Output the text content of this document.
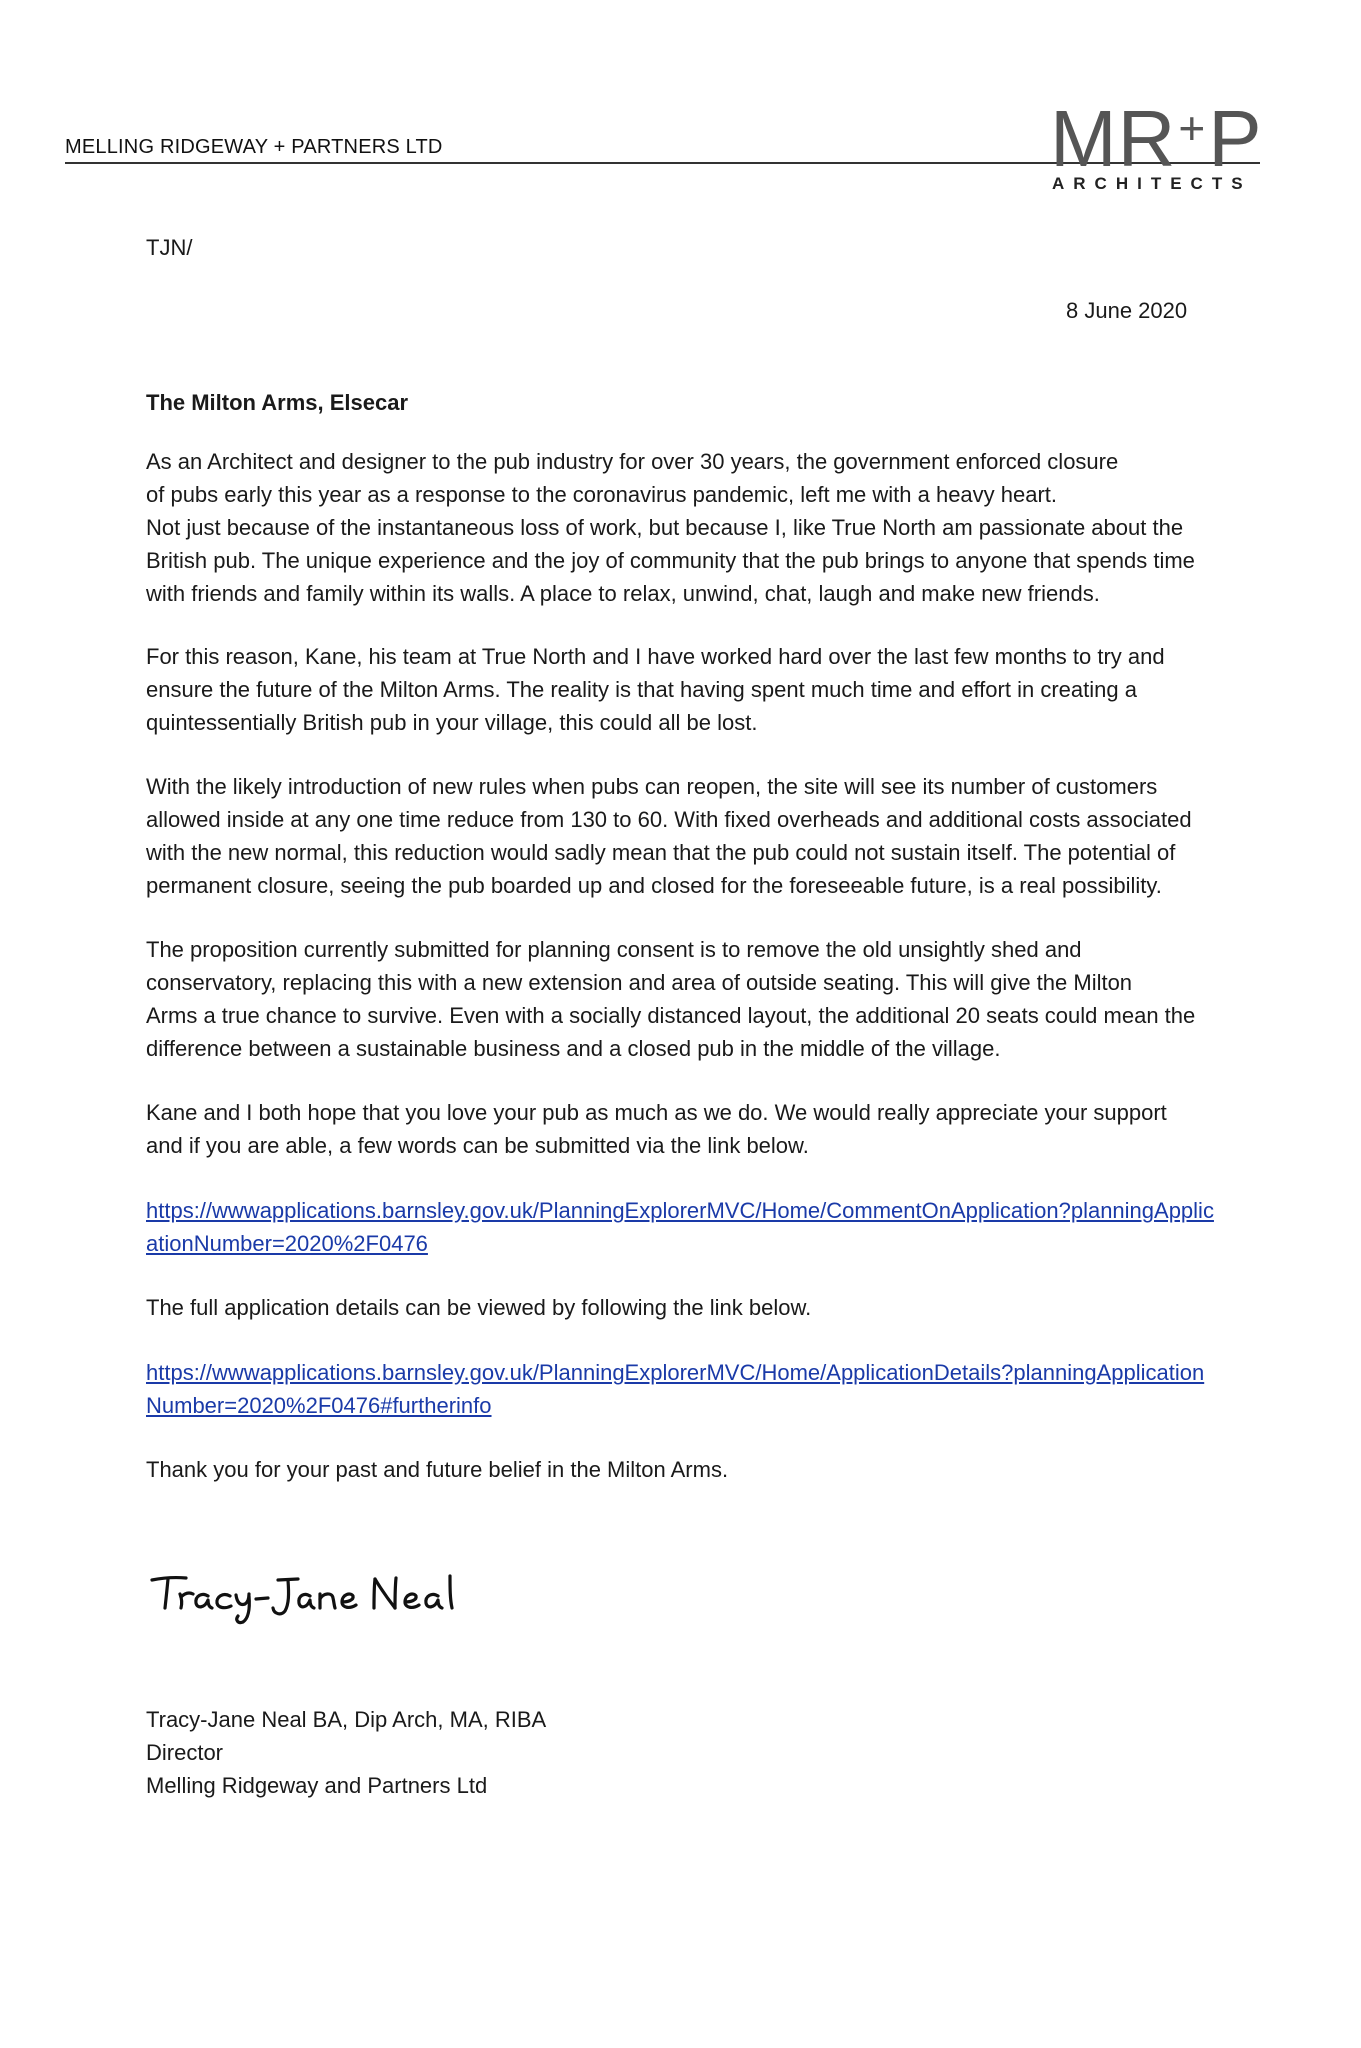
MELLING RIDGEWAY + PARTNERS LTD	MR+P
ARCHITECTS
TJN/
8 June 2020
The Milton Arms, Elsecar
As an Architect and designer to the pub industry for over 30 years, the government enforced closure
of pubs early this year as a response to the coronavirus pandemic, left me with a heavy heart.
Not just because of the instantaneous loss of work, but because I, like True North am passionate about the
British pub. The unique experience and the joy of community that the pub brings to anyone that spends time
with friends and family within its walls. A place to relax, unwind, chat, laugh and make new friends.
For this reason, Kane, his team at True North and I have worked hard over the last few months to try and
ensure the future of the Milton Arms. The reality is that having spent much time and effort in creating a
quintessentially British pub in your village, this could all be lost.
With the likely introduction of new rules when pubs can reopen, the site will see its number of customers
allowed inside at any one time reduce from 130 to 60. With fixed overheads and additional costs associated
with the new normal, this reduction would sadly mean that the pub could not sustain itself. The potential of
permanent closure, seeing the pub boarded up and closed for the foreseeable future, is a real possibility.
The proposition currently submitted for planning consent is to remove the old unsightly shed and
conservatory, replacing this with a new extension and area of outside seating. This will give the Milton
Arms a true chance to survive. Even with a socially distanced layout, the additional 20 seats could mean the
difference between a sustainable business and a closed pub in the middle of the village.
Kane and I both hope that you love your pub as much as we do. We would really appreciate your support
and if you are able, a few words can be submitted via the link below.
https://wwwapplications.barnsley.gov.uk/PlanningExplorerMVC/Home/CommentOnApplication?planningApplic
ationNumber=2020%2F0476
The full application details can be viewed by following the link below.
https://wwwapplications.barnsley.gov.uk/PlanningExplorerMVC/Home/ApplicationDetails?planningApplication
Number=2020%2F0476#furtherinfo
Thank you for your past and future belief in the Milton Arms.
Tracy-Jane Neal BA, Dip Arch, MA, RIBA
Director
Melling Ridgeway and Partners Ltd
